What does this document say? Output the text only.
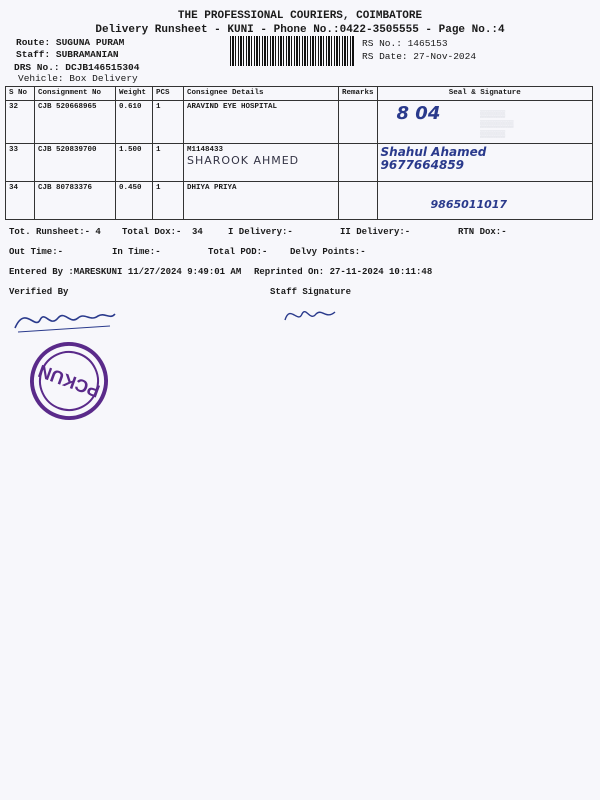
THE PROFESSIONAL COURIERS, COIMBATORE
Delivery Runsheet - KUNI - Phone No.:0422-3505555 - Page No.:4
Route: SUGUNA PURAM
Staff: SUBRAMANIAN
DRS No.: DCJB146515304
Vehicle: Box Delivery
RS No.: 1465153
RS Date: 27-Nov-2024
▒▒▒▒▒▒
▒▒▒▒▒▒▒▒
▒▒▒▒▒▒
S No	Consignment No	Weight	PCS	Consignee Details	Remarks	Seal & Signature
32	CJB 520668965	0.610	1	ARAVIND EYE HOSPITAL		8 04
33	CJB 520839700	1.500	1	M1148433
SHAROOK AHMED		Shahul Ahamed 9677664859

34	CJB 80783376	0.450	1	DHIYA PRIYA		9865011017
Tot. Runsheet:- 4 Total Dox:- 34	I Delivery:-	II Delivery:-	RTN Dox:-
Out Time:-	In Time:-	Total POD:-	Delvy Points:-
Entered By :MARESKUNI 11/27/2024 9:49:01 AM Reprinted On: 27-11-2024 10:11:48
Verified By	Staff Signature
PCKUN
